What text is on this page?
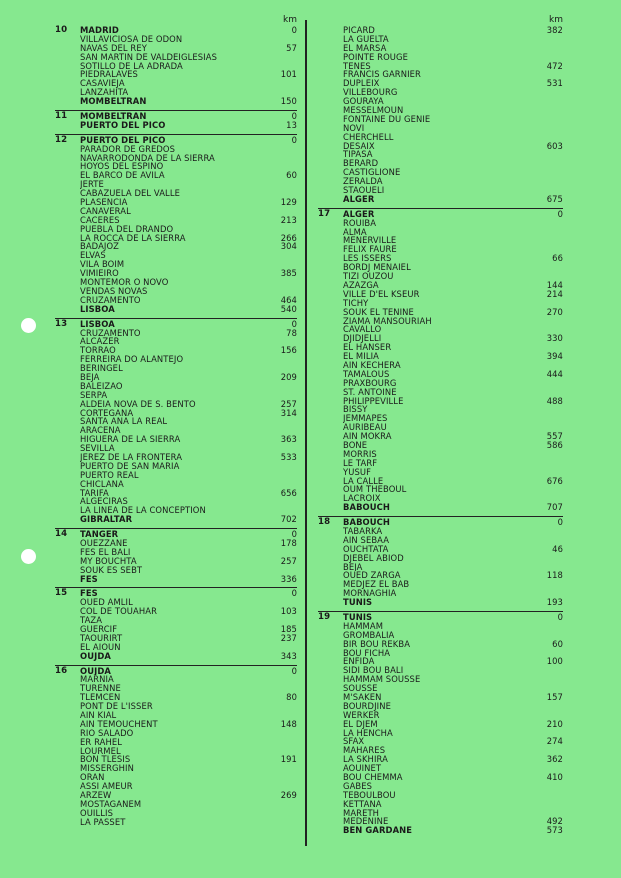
km
10	MADRID	0
VILLAVICIOSA DE ODON
NAVAS DEL REY	57
SAN MARTIN DE VALDEIGLESIAS
SOTILLO DE LA ADRADA
PIEDRALAVES	101
CASAVIEJA
LANZAHITA
MOMBELTRAN	150
11	MOMBELTRAN	0
PUERTO DEL PICO	13
12	PUERTO DEL PICO	0
PARADOR DE GREDOS
NAVARRODONDA DE LA SIERRA
HOYOS DEL ESPINO
EL BARCO DE AVILA	60
JERTE
CABAZUELA DEL VALLE
PLASENCIA	129
CANAVERAL
CACERES	213
PUEBLA DEL DRANDO
LA ROCCA DE LA SIERRA	266
BADAJOZ	304
ELVAS
VILA BOIM
VIMIEIRO	385
MONTEMOR O NOVO
VENDAS NOVAS
CRUZAMENTO	464
LISBOA	540
13	LISBOA	0
CRUZAMENTO	78
ALCAZER
TORRAO	156
FERREIRA DO ALANTEJO
BERINGEL
BEJA	209
BALEIZAO
SERPA
ALDEIA NOVA DE S. BENTO	257
CORTEGANA	314
SANTA ANA LA REAL
ARACENA
HIGUERA DE LA SIERRA	363
SEVILLA
JEREZ DE LA FRONTERA	533
PUERTO DE SAN MARIA
PUERTO REAL
CHICLANA
TARIFA	656
ALGECIRAS
LA LINEA DE LA CONCEPTION
GIBRALTAR	702
14	TANGER	0
OUEZZANE	178
FES EL BALI
MY BOUCHTA	257
SOUK ES SEBT
FES	336
15	FES	0
OUED AMLIL
COL DE TOUAHAR	103
TAZA
GUERCIF	185
TAOURIRT	237
EL AIOUN
OUJDA	343
16	OUJDA	0
MARNIA
TURENNE
TLEMCEN	80
PONT DE L'ISSER
AIN KIAL
AIN TEMOUCHENT	148
RIO SALADO
ER RAHEL
LOURMEL
BON TLESIS	191
MISSERGHIN
ORAN
ASSI AMEUR
ARZEW	269
MOSTAGANEM
OUILLIS
LA PASSET
km
PICARD	382
LA GUELTA
EL MARSA
POINTE ROUGE
TENES	472
FRANCIS GARNIER
DUPLEIX	531
VILLEBOURG
GOURAYA
MESSELMOUN
FONTAINE DU GENIE
NOVI
CHERCHELL
DESAIX	603
TIPASA
BERARD
CASTIGLIONE
ZERALDA
STAOUELI
ALGER	675
17	ALGER	0
ROUIBA
ALMA
MENERVILLE
FELIX FAURE
LES ISSERS	66
BORDJ MENAIEL
TIZI OUZOU
AZAZGA	144
VILLE D'EL KSEUR	214
TICHY
SOUK EL TENINE	270
ZIAMA MANSOURIAH
CAVALLO
DJIDJELLI	330
EL HANSER
EL MILIA	394
AIN KECHERA
TAMALOUS	444
PRAXBOURG
ST. ANTOINE
PHILIPPEVILLE	488
BISSY
JEMMAPES
AURIBEAU
AIN MOKRA	557
BONE	586
MORRIS
LE TARF
YUSUF
LA CALLE	676
OUM THEBOUL
LACROIX
BABOUCH	707
18	BABOUCH	0
TABARKA
AIN SEBAA
OUCHTATA	46
DJEBEL ABIOD
BEJA
OUED ZARGA	118
MEDJEZ EL BAB
MORNAGHIA
TUNIS	193
19	TUNIS	0
HAMMAM
GROMBALIA
BIR BOU REKBA	60
BOU FICHA
ENFIDA	100
SIDI BOU BALI
HAMMAM SOUSSE
SOUSSE
M'SAKEN	157
BOURDJINE
WERKER
EL DJEM	210
LA HENCHA
SFAX	274
MAHARES
LA SKHIRA	362
AOUINET
BOU CHEMMA	410
GABES
TEBOULBOU
KETTANA
MARETH
MEDENINE	492
BEN GARDANE	573
